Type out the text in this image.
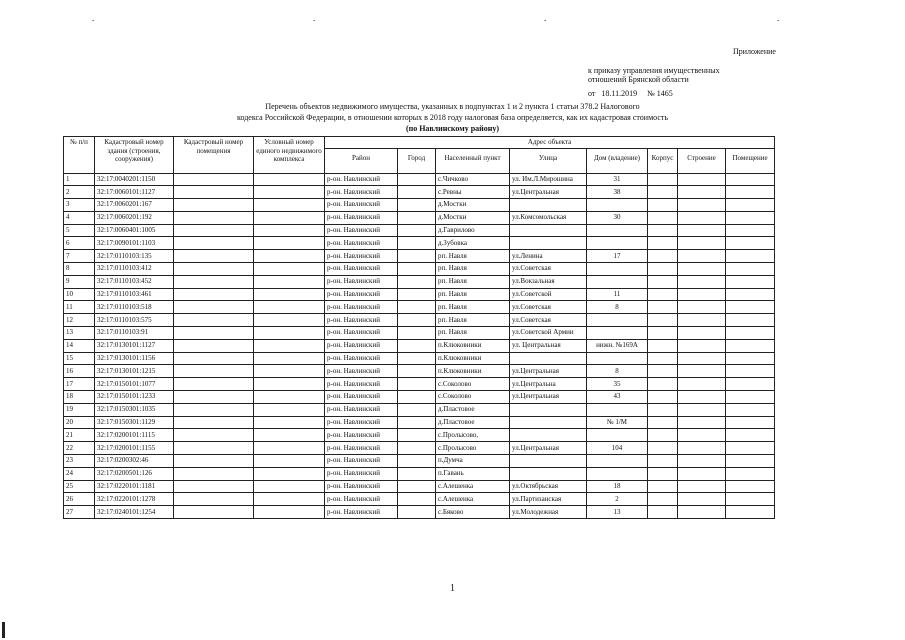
.	.	.	.
Приложение
к приказу управления имущественных
отношений Брянской области
от   18.11.2019     № 1465
Перечень объектов недвижимого имущества, указанных в подпунктах 1 и 2 пункта 1 статьи 378.2 Налогового
кодекса Российской Федерации, в отношении которых в 2018 году налоговая база определяется, как их кадастровая стоимость
(по Навлинскому району)
№ п/п	Кадастровый номер здания (строения, сооружения)	Кадастровый номер помещения	Условный номер единого недвижимого комплекса	Адрес объекта							
				Район	Город	Населенный пункт	Улица	Дом (владение)	Корпус	Строение	Помещение
1	32:17:0040201:1150			р-он. Навлинский		с.Чичково	ул. Им.Л.Мирошина	31			
2	32:17:0060101:1127			р-он. Навлинский		с.Ревны	ул.Центральная	38			
3	32:17:0060201:167			р-он. Навлинский		д.Мостки					
4	32:17:0060201:192			р-он. Навлинский		д.Мостки	ул.Комсомольская	30			
5	32:17:0060401:1005			р-он. Навлинский		д.Гаврилово					
6	32:17:0090101:1103			р-он. Навлинский		д.Зубовка					
7	32:17:0110103:135			р-он. Навлинский		рп. Навля	ул.Ленина	17			
8	32:17:0110103:412			р-он. Навлинский		рп. Навля	ул.Советская				
9	32:17:0110103:452			р-он. Навлинский		рп. Навля	ул.Вокзальная				
10	32:17:0110103:461			р-он. Навлинский		рп. Навля	ул.Советской	11			
11	32:17:0110103:518			р-он. Навлинский		рп. Навля	ул.Советская	8			
12	32:17:0110103:575			р-он. Навлинский		рп. Навля	ул.Советская				
13	32:17:0110103:91			р-он. Навлинский		рп. Навля	ул.Советской Армии				
14	32:17:0130101:1127			р-он. Навлинский		п.Клюковники	ул. Центральная	нижн. №169А			
15	32:17:0130101:1156			р-он. Навлинский		п.Клюковники					
16	32:17:0130101:1215			р-он. Навлинский		п.Клюковники	ул.Центральная	8			
17	32:17:0150101:1077			р-он. Навлинский		с.Соколово	ул.Центральна	35			
18	32:17:0150101:1233			р-он. Навлинский		с.Соколово	ул.Центральная	43			
19	32:17:0150301:1035			р-он. Навлинский		д.Пластовое					
20	32:17:0150301:1129			р-он. Навлинский		д.Пластовое		№ 1/М			
21	32:17:0200101:1115			р-он. Навлинский		с.Пролысово,					
22	32:17:0200101:1155			р-он. Навлинский		с.Пролысово	ул.Центральная	104			
23	32:17:0200302:46			р-он. Навлинский		п.Думча					
24	32:17:0200501:126			р-он. Навлинский		п.Гавань					
25	32:17:0220101:1181			р-он. Навлинский		с.Алешенка	ул.Октябрьская	18			
26	32:17:0220101:1278			р-он. Навлинский		с.Алешенка	ул.Партизанская	2			
27	32:17:0240101:1254			р-он. Навлинский		с.Бяково	ул.Молодежная	13			
1
